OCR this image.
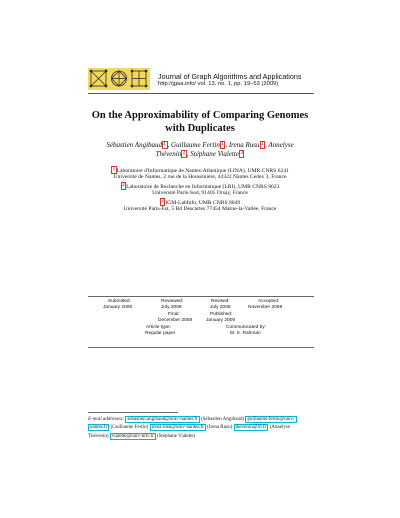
Journal of Graph Algorithms and Applications
http://jgaa.info/ vol. 13, no. 1, pp. 19–53 (2009)
On the Approximability of Comparing Genomes
with Duplicates
Sébastien Angibaud 1 , Guillaume Fertin 1 , Irena Rusu 1 , Annelyse
Thévenin 2 , Stéphane Vialette 3
1 Laboratoire d'Informatique de Nantes-Atlantique (LINA), UMR CNRS 6241
Université de Nantes, 2 rue de la Houssinière, 44322 Nantes Cedex 3, France
2 Laboratoire de Recherche en Informatique (LRI), UMR CNRS 8623
Université Paris-Sud, 91405 Orsay, France
3 IGM-LabInfo, UMR CNRS 8049
Université Paris-Est, 5 Bd Descartes 77454 Marne-la-Vallée, France
Submitted:
January 2008
Reviewed:
July 2008
Revised:
July 2008
Accepted:
November 2008
Final:
December 2008
Published:
January 2009
Article type:
Regular paper
Communicated by:
M. S. Rahman
E-mail addresses: sebastien.angibaud@univ-nantes.fr (Sébastien Angibaud) guillaume.fertin@univ-
nantes.fr (Guillaume Fertin) irena.rusu@univ-nantes.fr (Irena Rusu) thevenin@lri.fr (Annelyse
Thévenin) vialette@univ-mlv.fr (Stéphane Vialette)
